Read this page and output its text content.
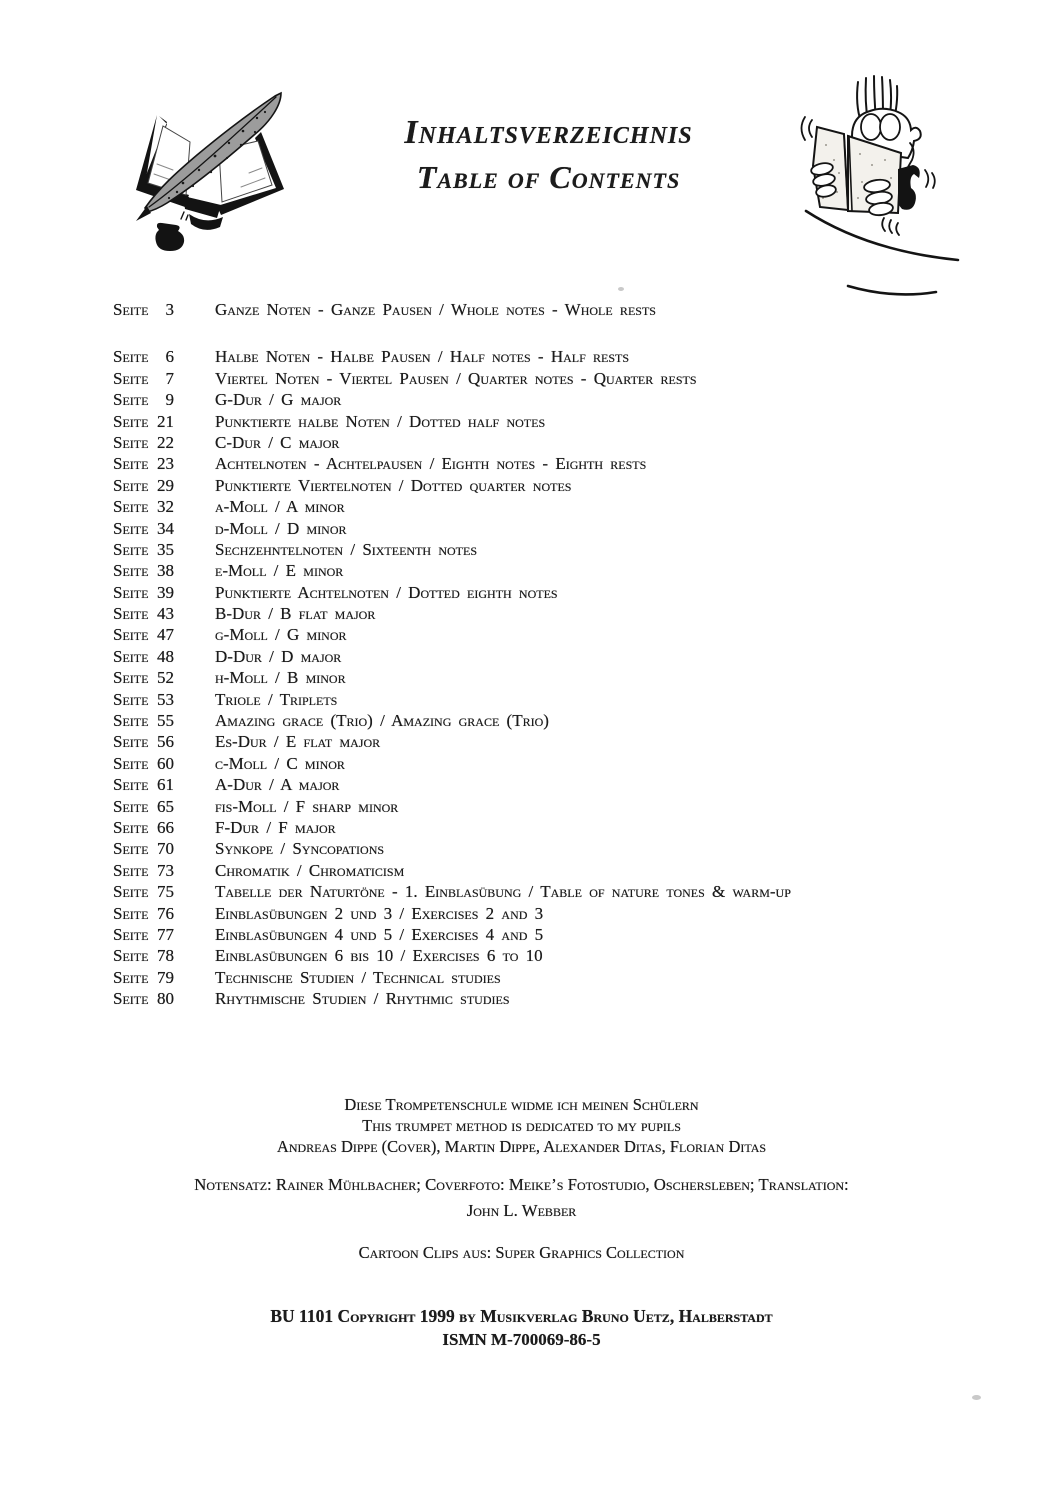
Inhaltsverzeichnis
Table of Contents
Seite	3 Ganze Noten - Ganze Pausen / Whole notes - Whole rests
Seite	6 Halbe Noten - Halbe Pausen / Half notes - Half rests
Seite	7 Viertel Noten - Viertel Pausen / Quarter notes - Quarter rests
Seite	9 G-Dur / G major
Seite 21 Punktierte halbe Noten / Dotted half notes
Seite 22 C-Dur / C major
Seite 23 Achtelnoten - Achtelpausen / Eighth notes - Eighth rests
Seite 29 Punktierte Viertelnoten / Dotted quarter notes
Seite 32 a-Moll / A minor
Seite 34 d-Moll / D minor
Seite 35 Sechzehntelnoten / Sixteenth notes
Seite 38 e-Moll / E minor
Seite 39 Punktierte Achtelnoten / Dotted eighth notes
Seite 43 B-Dur / B flat major
Seite 47 g-Moll / G minor
Seite 48 D-Dur / D major
Seite 52 h-Moll / B minor
Seite 53 Triole / Triplets
Seite 55 Amazing grace (Trio) / Amazing grace (Trio)
Seite 56 Es-Dur / E flat major
Seite 60 c-Moll / C minor
Seite 61 A-Dur / A major
Seite 65 fis-Moll / F sharp minor
Seite 66 F-Dur / F major
Seite 70 Synkope / Syncopations
Seite 73 Chromatik / Chromaticism
Seite 75 Tabelle der Naturtöne - 1. Einblasübung / Table of nature tones & warm-up
Seite 76 Einblasübungen 2 und 3 / Exercises 2 and 3
Seite 77 Einblasübungen 4 und 5 / Exercises 4 and 5
Seite 78 Einblasübungen 6 bis 10 / Exercises 6 to 10
Seite 79 Technische Studien / Technical studies
Seite 80 Rhythmische Studien / Rhythmic studies
Diese Trompetenschule widme ich meinen Schülern
This trumpet method is dedicated to my pupils
Andreas Dippe (Cover), Martin Dippe, Alexander Ditas, Florian Ditas
Notensatz: Rainer Mühlbacher; Coverfoto: Meike’s Fotostudio, Oschersleben; Translation:
John L. Webber
Cartoon Clips aus: Super Graphics Collection
BU 1101 Copyright 1999 by Musikverlag Bruno Uetz, Halberstadt
ISMN M-700069-86-5
